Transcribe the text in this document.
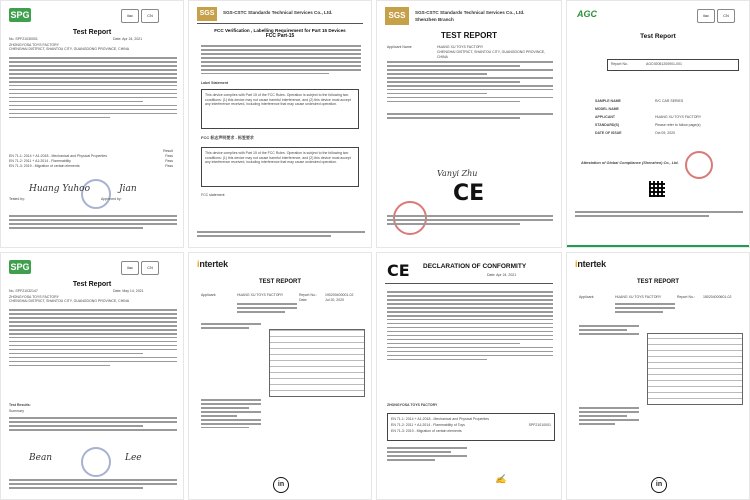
SPG	ilac	CN
Test Report
No. SPF21030001	Date: Apr 24, 2021
ZHONGYOSA TOYS FACTORY
CHENGHAI DISTRICT, SHANTOU CITY, GUANGDONG PROVINCE, CHINA
Result
EN 71-1: 2014 + A1:2018 - Mechanical and Physical Properties	Pass
EN 71-2: 2011 + A1:2014 - Flammability	Pass
EN 71-3: 2019 - Migration of certain elements	Pass
Huang Yuhoo	Jian
Tested by:	Approved by:
SGS	SGS-CSTC Standards Technical Services Co., Ltd.
FCC Verification , Labelling Requirement for Part 15 Devices
FCC Part-15
Label Statement
This device complies with Part 15 of the FCC Rules. Operation is subject to the following two conditions: (1) this device may not cause harmful interference, and (2) this device must accept any interference received, including interference that may cause undesired operation.
FCC 标志声明要求 - 标签要求
This device complies with Part 15 of the FCC Rules. Operation is subject to the following two conditions: (1) this device may not cause harmful interference, and (2) this device must accept any interference received, including interference that may cause undesired operation.
FCC statement
SGS	SGS-CSTC Standards Technical Services Co., Ltd.
Shenzhen Branch
TEST REPORT
Applicant Name	HUANG XU TOYS FACTORY
CHENGHAI DISTRICT, SHANTOU CITY, GUANGDONG PROVINCE, CHINA
Vanyi Zhu
CE
AGC	ilac	CN
Test Report
Report No.	AGC92051200901-001
SAMPLE NAME	R/C CAR SERIES
MODEL NAME
APPLICANT	HUANG XU TOYS FACTORY
STANDARD(S)	Please refer to follow page(s)
DATE OF ISSUE	Oct 09, 2020
Attestation of Global Compliance (Shenzhen) Co., Ltd.
SPG	ilac	CN
Test Report
No. SPF21032147	Date: May 14, 2021
ZHONGYOSA TOYS FACTORY
CHENGHAI DISTRICT, SHANTOU CITY, GUANGDONG PROVINCE, CHINA
Test Results:
Summary
Bean	Lee
intertek
TEST REPORT
Applicant:	HUANG XU TOYS FACTORY	Report No.: 190200400001-02
Date:	Jul 20, 2020
in
CE DECLARATION OF CONFORMITY
Date: Apr 24, 2021
ZHONGYOSA TOYS FACTORY
EN 71-1: 2014 + A1:2018 - Mechanical and Physical Properties
EN 71-2: 2011 + A1:2014 - Flammability of Toys
EN 71-3: 2019 - Migration of certain elements
SPF21010001
✍
intertek
TEST REPORT
Applicant:	HUANG XU TOYS FACTORY	Report No.: 180204000601-02
in
